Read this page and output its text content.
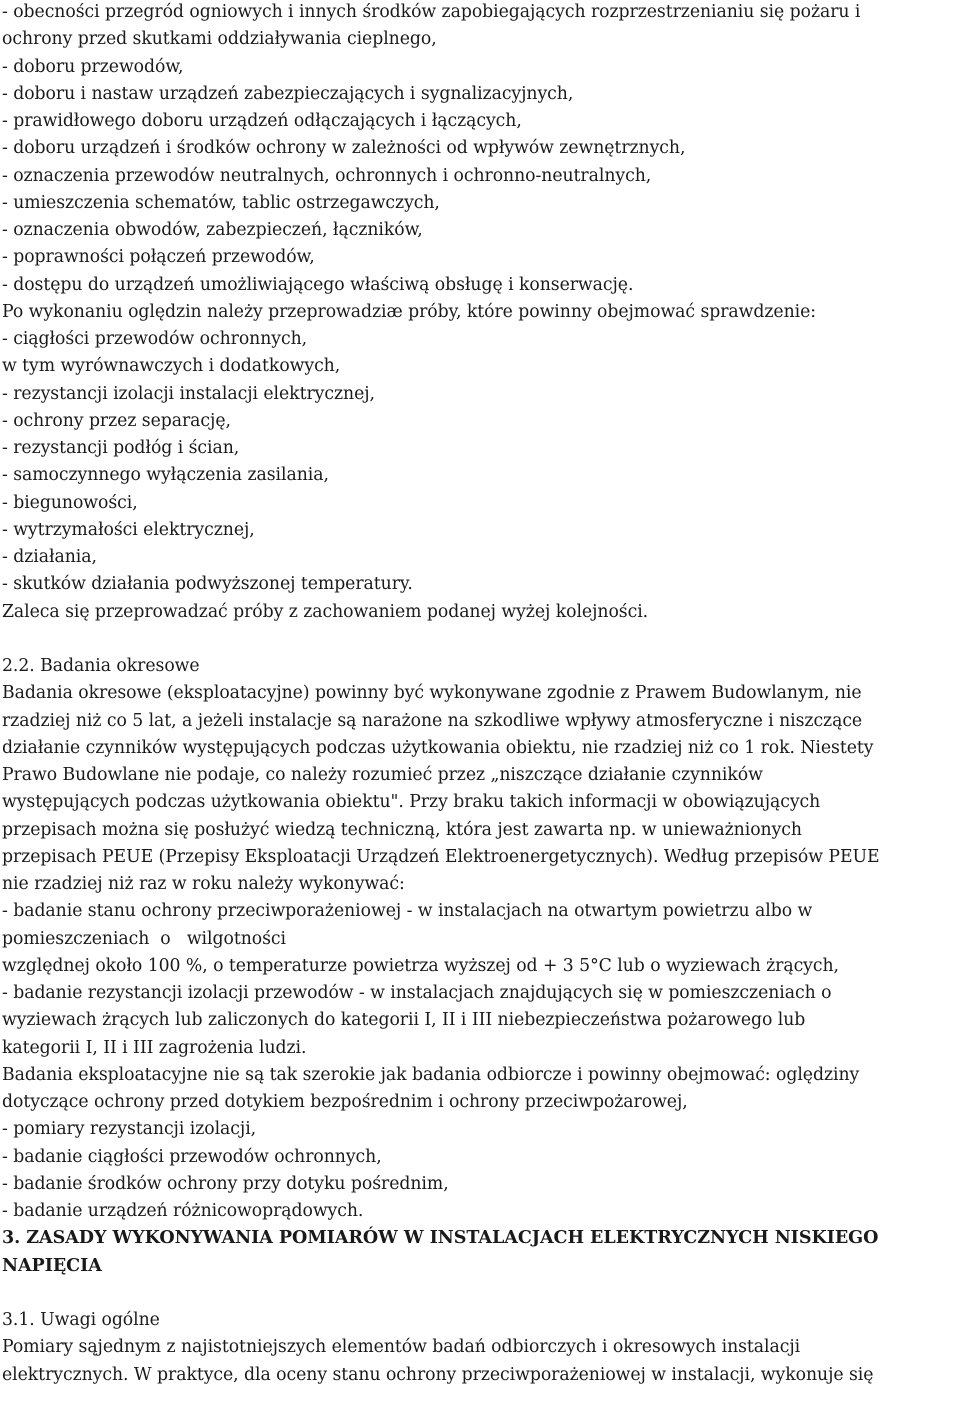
- obecności przegród ogniowych i innych środków zapobiegających rozprzestrzenianiu się pożaru i
ochrony przed skutkami oddziaływania cieplnego,
- doboru przewodów,
- doboru i nastaw urządzeń zabezpieczających i sygnalizacyjnych,
- prawidłowego doboru urządzeń odłączających i łączących,
- doboru urządzeń i środków ochrony w zależności od wpływów zewnętrznych,
- oznaczenia przewodów neutralnych, ochronnych i ochronno-neutralnych,
- umieszczenia schematów, tablic ostrzegawczych,
- oznaczenia obwodów, zabezpieczeń, łączników,
- poprawności połączeń przewodów,
- dostępu do urządzeń umożliwiającego właściwą obsługę i konserwację.
Po wykonaniu oględzin należy przeprowadziæ próby, które powinny obejmować sprawdzenie:
- ciągłości przewodów ochronnych,
w tym wyrównawczych i dodatkowych,
- rezystancji izolacji instalacji elektrycznej,
- ochrony przez separację,
- rezystancji podłóg i ścian,
- samoczynnego wyłączenia zasilania,
- biegunowości,
- wytrzymałości elektrycznej,
- działania,
- skutków działania podwyższonej temperatury.
Zaleca się przeprowadzać próby z zachowaniem podanej wyżej kolejności.
2.2. Badania okresowe
Badania okresowe (eksploatacyjne) powinny być wykonywane zgodnie z Prawem Budowlanym, nie
rzadziej niż co 5 lat, a jeżeli instalacje są narażone na szkodliwe wpływy atmosferyczne i niszczące
działanie czynników występujących podczas użytkowania obiektu, nie rzadziej niż co 1 rok. Niestety
Prawo Budowlane nie podaje, co należy rozumieć przez „niszczące działanie czynników
występujących podczas użytkowania obiektu". Przy braku takich informacji w obowiązujących
przepisach można się posłużyć wiedzą techniczną, która jest zawarta np. w unieważnionych
przepisach PEUE (Przepisy Eksploatacji Urządzeń Elektroenergetycznych). Według przepisów PEUE
nie rzadziej niż raz w roku należy wykonywać:
- badanie stanu ochrony przeciwporażeniowej - w instalacjach na otwartym powietrzu albo w
pomieszczeniach  o   wilgotności
względnej około 100 %, o temperaturze powietrza wyższej od + 3 5°C lub o wyziewach żrących,
- badanie rezystancji izolacji przewodów - w instalacjach znajdujących się w pomieszczeniach o
wyziewach żrących lub zaliczonych do kategorii I, II i III niebezpieczeństwa pożarowego lub
kategorii I, II i III zagrożenia ludzi.
Badania eksploatacyjne nie są tak szerokie jak badania odbiorcze i powinny obejmować: oględziny
dotyczące ochrony przed dotykiem bezpośrednim i ochrony przeciwpożarowej,
- pomiary rezystancji izolacji,
- badanie ciągłości przewodów ochronnych,
- badanie środków ochrony przy dotyku pośrednim,
- badanie urządzeń różnicowoprądowych.
3. ZASADY WYKONYWANIA POMIARÓW W INSTALACJACH ELEKTRYCZNYCH NISKIEGO
NAPIĘCIA
3.1. Uwagi ogólne
Pomiary sąjednym z najistotniejszych elementów badań odbiorczych i okresowych instalacji
elektrycznych. W praktyce, dla oceny stanu ochrony przeciwporażeniowej w instalacji, wykonuje się
